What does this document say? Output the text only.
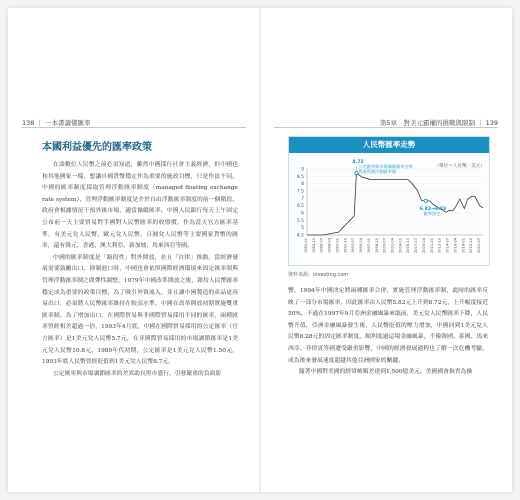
138 ｜ 一本書讀懂匯率
本國利益優先的匯率政策

在談數位人民幣之前必須知道，雖然中國採行社會主義經濟，但中國也和其他國家一樣，想讓自國貨幣穩定作為重要的施政目標，只是作法不同。中國的匯率制度採取管理浮動匯率制度（managed floating exchange rate system），管理浮動匯率制度是介於自由浮動匯率制度的前一個階段，政府會根據情況干預外匯市場，適當操縱匯率。中國人民銀行每天上午固定公布前一天主要貿易對手國對人民幣匯率的收盤價，作為當天官方匯率基準，有美元兌人民幣、歐元兌人民幣、日圓兌人民幣等主要國家貨幣的匯率，還有韓元、香港、澳大利亞、新加坡、馬來西亞等國。

中國的匯率制度是「路段性」對外開放，並且「自律」推動，當經濟發展需要鼓勵出口，抑制進口時，中國也會依照國際經濟環境來固定匯率制與管理浮動匯率制之間彈性調整，1979年中國改革開放之後，藉持人民幣匯率穩定成為重要的政策目標，為了吸引外資流入，並且讓中國製造的產品更容易出口，必須將人民幣匯率維持在較高水準，中國在改革開放初期實施雙重匯率制，為了增加出口，在國際貿易與非國際貿易採用不同的匯率，兩種匯率曾經相差超過一倍，1993年4月底，中國在國際貿易採用的公定匯率（官方匯率）是1美元兌人民幣5.7元，在非國際貿易採用的市場調節匯率是1美元兌人民幣10.8元，1980年代初期，公定匯率是1美元兌人民幣1.50元，1993年底人民幣曾經貶值到1美元兌人民幣8.7元。

公定匯率與市場調節匯率的差異助長黑市盛行，引發嚴重的負面影

第5章　對美元霸權的挑戰與限制 ｜ 139
人民幣匯率走勢
（單位＝人民幣／美元）
9
8.5
8
7.5
7
6.5
6
5.5
5
4.5
1983-01 1984-10 1986-07 1988-04 1990-01 1991-10 1993-07 1995-04 1997-01 1998-10 2000-07 2002-04 2004-01 2005-10 2007-07 2009-04 2011-01 2012-10 2014-07 2016-04 2018-01 2019-10 2021-07
8.72
公定匯率與市場調節匯率合併
實施管理浮動匯率制
6.82→6.83
匯率固定
資料來源：investing.com

響，1994年中國決定將兩種匯率合併，實施管理浮動匯率制，此時的匯率反映了一部分市場匯率，因此匯率由人民幣5.82元上升到8.72元，上升幅度接近50%，不過在1997年9月亞洲金融風暴來臨前，美元兌人民幣匯率下降，人民幣升值，亞洲金融風暴發生後，人民幣貶值的壓力增加，中國回到1美元兌人民幣8.28元的固定匯率制度，順利度過這場金融風暴，不像韓國、泰國、馬來西亞、菲律賓等國遭受嚴重影響，中國的經濟發展過程也了解一次危機考驗，成為後來發展速度超越其他亞洲國家的關鍵。

隨著中國對美國的經常帳順差達到1,500億美元，美國國會指責為操
